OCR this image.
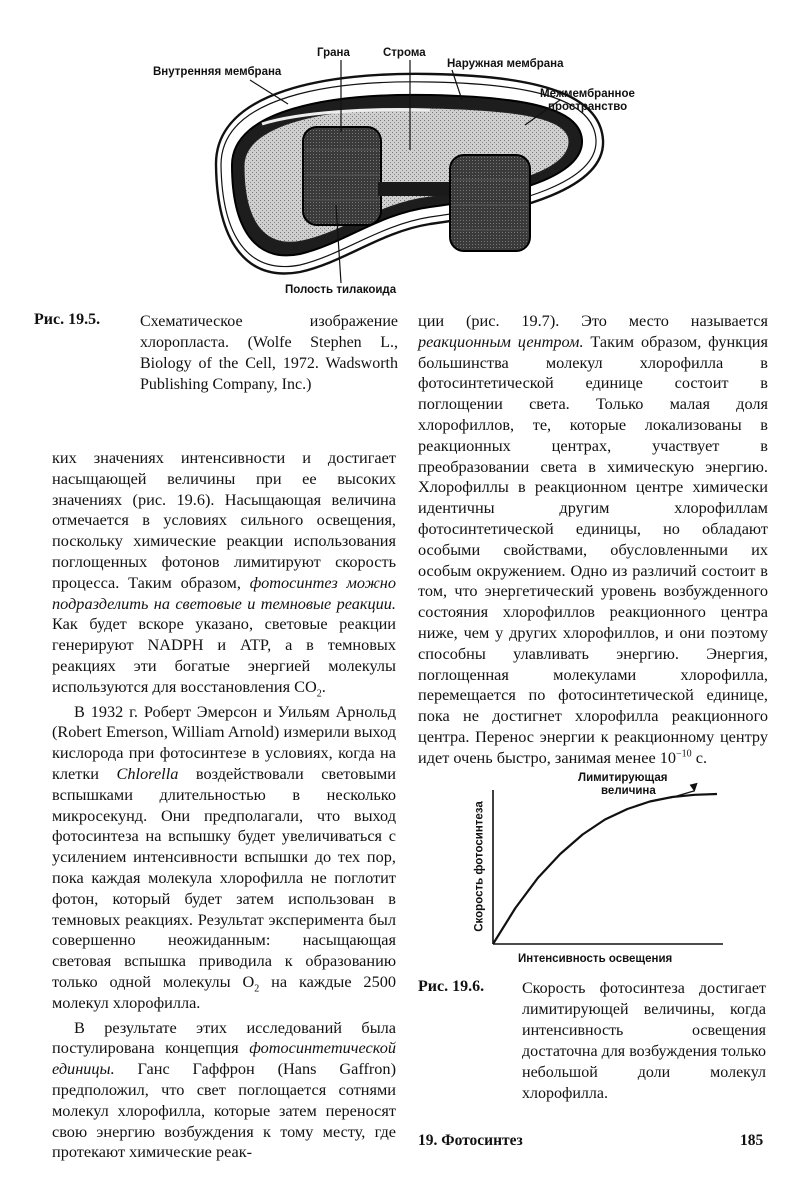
Внутренняя мембрана
Грана	Строма
Наружная мембрана
Межмембранное
пространство
Полость тилакоида
Рис. 19.5. Схематическое изображение хлоропласта. (Wolfe Stephen L., Biology of the Cell, 1972. Wadsworth Publishing Company, Inc.)

ких значениях интенсивности и достигает насыщающей величины при ее высоких значениях (рис. 19.6). Насыщающая величина отмечается в условиях сильного освещения, поскольку химические реакции использования поглощенных фотонов лимитируют скорость процесса. Таким образом, фотосинтез можно подразделить на световые и темновые реакции. Как будет вскоре указано, световые реакции генерируют NADPH и ATP, а в темновых реакциях эти богатые энергией молекулы используются для восстановления $CO_2$.

В 1932 г. Роберт Эмерсон и Уильям Арнольд (Robert Emerson, William Arnold) измерили выход кислорода при фотосинтезе в условиях, когда на клетки Chlorella воздействовали световыми вспышками длительностью в несколько микросекунд. Они предполагали, что выход фотосинтеза на вспышку будет увеличиваться с усилением интенсивности вспышки до тех пор, пока каждая молекула хлорофилла не поглотит фотон, который будет затем использован в темновых реакциях. Результат эксперимента был совершенно неожиданным: насыщающая световая вспышка приводила к образованию только одной молекулы $O_2$ на каждые 2500 молекул хлорофилла.

В результате этих исследований была постулирована концепция фотосинтетической единицы. Ганс Гаффрон (Hans Gaffron) предположил, что свет поглощается сотнями молекул хлорофилла, которые затем переносят свою энергию возбуждения к тому месту, где протекают химические реак-

ции (рис. 19.7). Это место называется реакционным центром. Таким образом, функция большинства молекул хлорофилла в фотосинтетической единице состоит в поглощении света. Только малая доля хлорофиллов, те, которые локализованы в реакционных центрах, участвует в преобразовании света в химическую энергию. Хлорофиллы в реакционном центре химически идентичны другим хлорофиллам фотосинтетической единицы, но обладают особыми свойствами, обусловленными их особым окружением. Одно из различий состоит в том, что энергетический уровень возбужденного состояния хлорофиллов реакционного центра ниже, чем у других хлорофиллов, и они поэтому способны улавливать энергию. Энергия, поглощенная молекулами хлорофилла, перемещается по фотосинтетической единице, пока не достигнет хлорофилла реакционного центра. Перенос энергии к реакционному центру идет очень быстро, занимая менее $10^{-10}$ с.

Лимитирующая
величина
Интенсивность освещения
Скорость фотосинтеза
Рис. 19.6. Скорость фотосинтеза достигает лимитирующей величины, когда интенсивность освещения достаточна для возбуждения только небольшой доли молекул хлорофилла.
19. Фотосинтез	185
